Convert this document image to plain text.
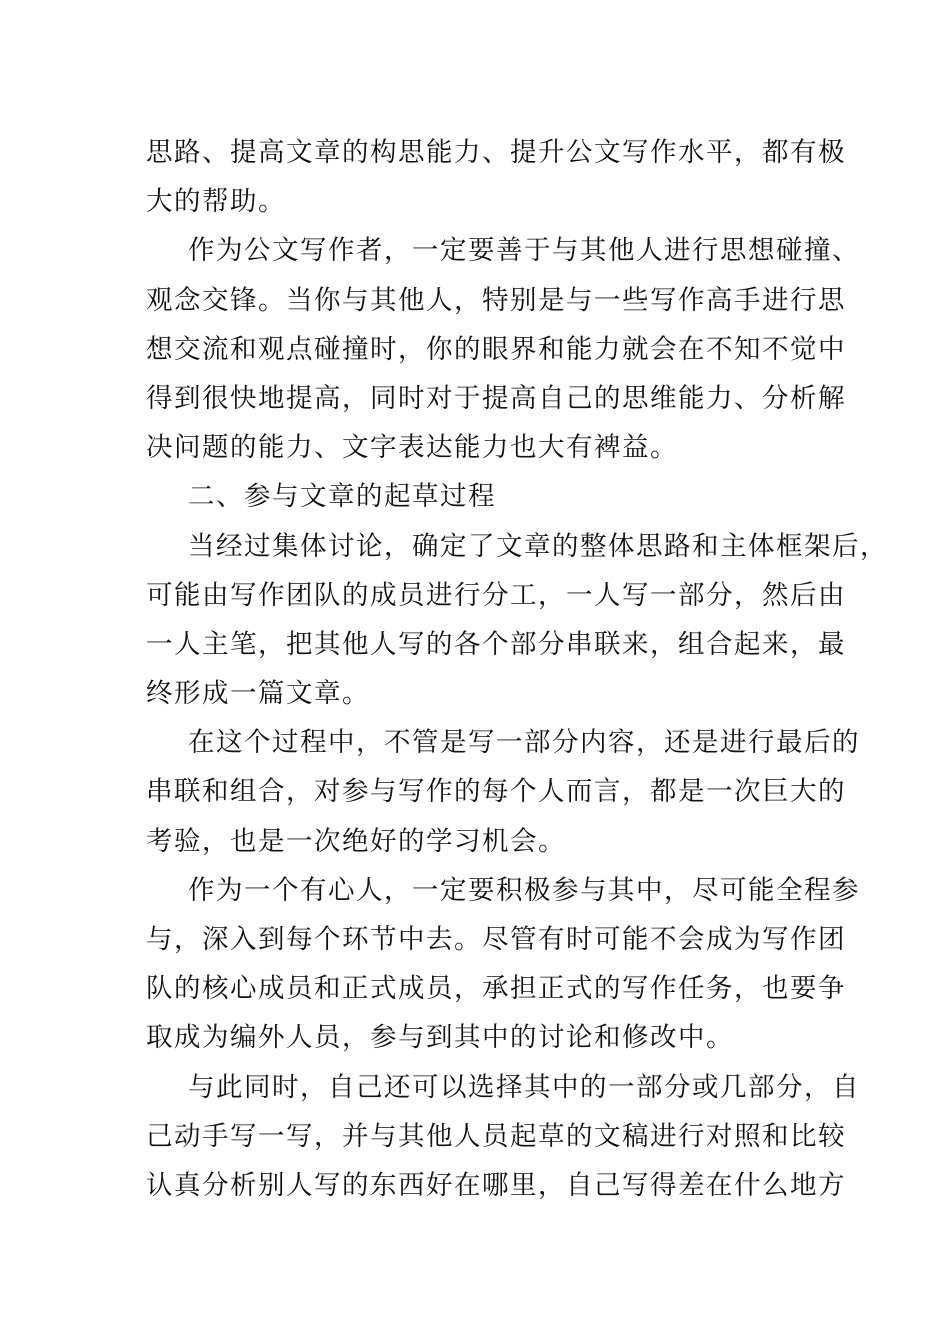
思路、提高文章的构思能力、提升公文写作水平，都有极
大的帮助。
作为公文写作者，一定要善于与其他人进行思想碰撞、
观念交锋。当你与其他人，特别是与一些写作高手进行思
想交流和观点碰撞时，你的眼界和能力就会在不知不觉中
得到很快地提高，同时对于提高自己的思维能力、分析解
决问题的能力、文字表达能力也大有裨益。
二、参与文章的起草过程
当经过集体讨论，确定了文章的整体思路和主体框架后，
可能由写作团队的成员进行分工，一人写一部分，然后由
一人主笔，把其他人写的各个部分串联来，组合起来，最
终形成一篇文章。
在这个过程中，不管是写一部分内容，还是进行最后的
串联和组合，对参与写作的每个人而言，都是一次巨大的
考验，也是一次绝好的学习机会。
作为一个有心人，一定要积极参与其中，尽可能全程参
与，深入到每个环节中去。尽管有时可能不会成为写作团
队的核心成员和正式成员，承担正式的写作任务，也要争
取成为编外人员，参与到其中的讨论和修改中。
与此同时，自己还可以选择其中的一部分或几部分，自
己动手写一写，并与其他人员起草的文稿进行对照和比较
认真分析别人写的东西好在哪里，自己写得差在什么地方
